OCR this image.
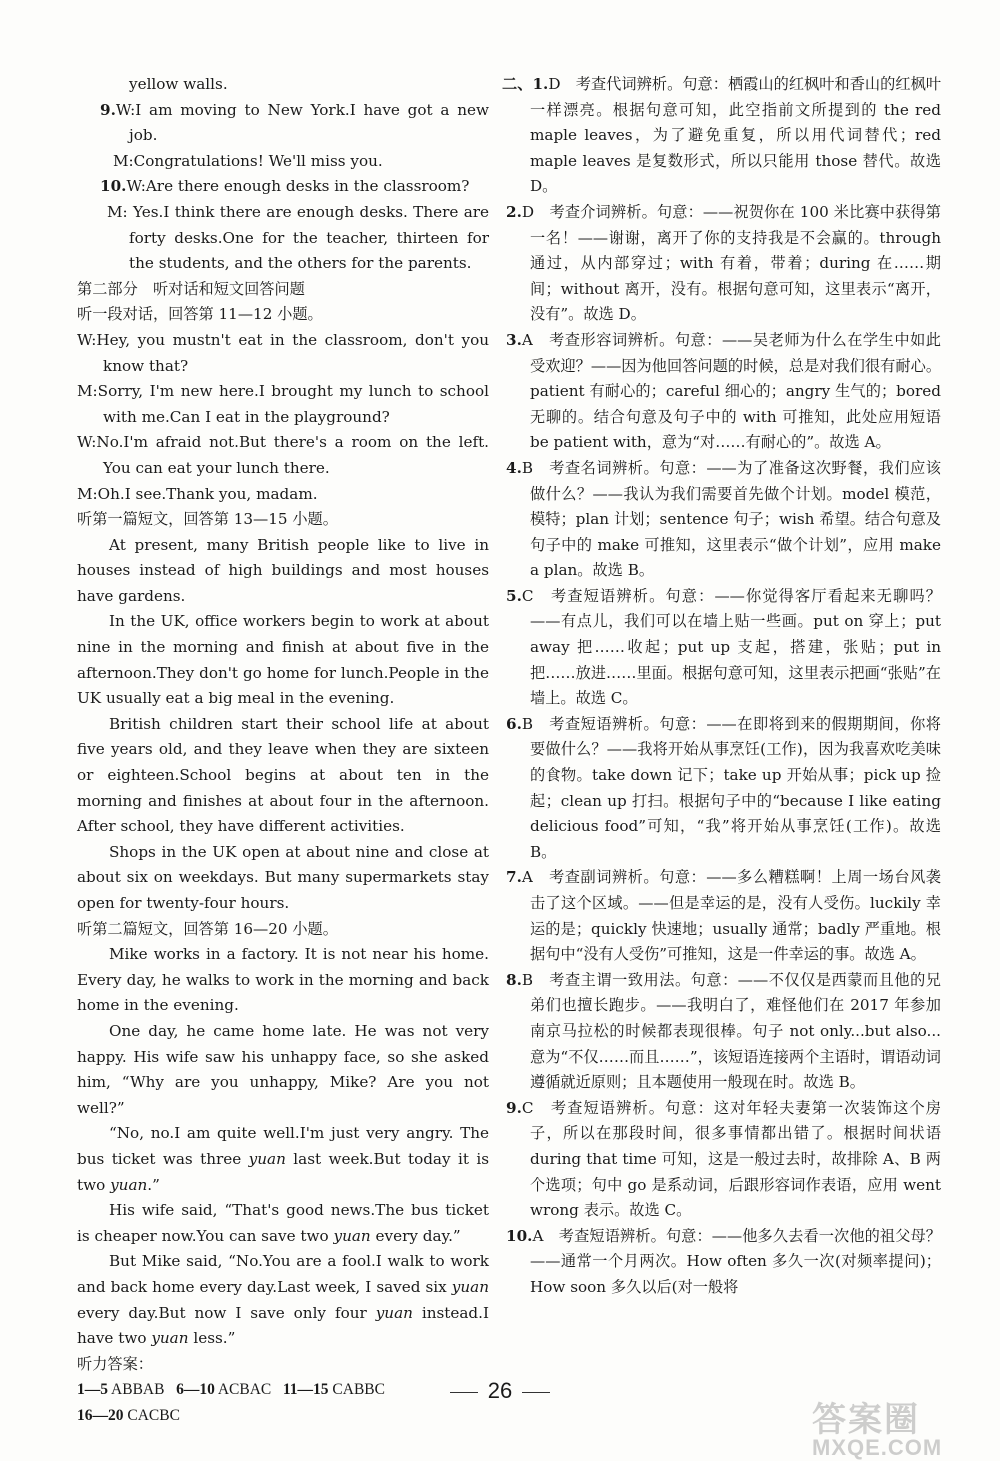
yellow walls.

9.W:I am moving to New York.I have got a new job.

M:Congratulations! We'll miss you.

10.W:Are there enough desks in the classroom?

M: Yes.I think there are enough desks. There are forty desks.One for the teacher, thirteen for the students, and the others for the parents.

第二部分　听对话和短文回答问题

听一段对话，回答第 11—12 小题。

W:Hey, you mustn't eat in the classroom, don't you know that?

M:Sorry, I'm new here.I brought my lunch to school with me.Can I eat in the playground?

W:No.I'm afraid not.But there's a room on the left. You can eat your lunch there.

M:Oh.I see.Thank you, madam.

听第一篇短文，回答第 13—15 小题。

At present, many British people like to live in houses instead of high buildings and most houses have gardens.

In the UK, office workers begin to work at about nine in the morning and finish at about five in the afternoon.They don't go home for lunch.People in the UK usually eat a big meal in the evening.

British children start their school life at about five years old, and they leave when they are sixteen or eighteen.School begins at about ten in the morning and finishes at about four in the afternoon. After school, they have different activities.

Shops in the UK open at about nine and close at about six on weekdays. But many supermarkets stay open for twenty-four hours.

听第二篇短文，回答第 16—20 小题。

Mike works in a factory. It is not near his home. Every day, he walks to work in the morning and back home in the evening.

One day, he came home late. He was not very happy. His wife saw his unhappy face, so she asked him, “Why are you unhappy, Mike? Are you not well?”

“No, no.I am quite well.I'm just very angry. The bus ticket was three yuan last week.But today it is two yuan.”

His wife said, “That's good news.The bus ticket is cheaper now.You can save two yuan every day.”

But Mike said, “No.You are a fool.I walk to work and back home every day.Last week, I saved six yuan every day.But now I save only four yuan instead.I have two yuan less.”

听力答案：

1—5 ABBAB 6—10 ACBAC 11—15 CABBC

16—20 CACBC

二、1.D　考查代词辨析。句意：栖霞山的红枫叶和香山的红枫叶一样漂亮。根据句意可知，此空指前文所提到的 the red maple leaves，为了避免重复，所以用代词替代；red maple leaves 是复数形式，所以只能用 those 替代。故选 D。

2.D　考查介词辨析。句意：——祝贺你在 100 米比赛中获得第一名！——谢谢，离开了你的支持我是不会赢的。through 通过，从内部穿过；with 有着，带着；during 在……期间；without 离开，没有。根据句意可知，这里表示“离开，没有”。故选 D。

3.A　考查形容词辨析。句意：——吴老师为什么在学生中如此受欢迎？——因为他回答问题的时候，总是对我们很有耐心。patient 有耐心的；careful 细心的；angry 生气的；bored 无聊的。结合句意及句子中的 with 可推知，此处应用短语 be patient with，意为“对……有耐心的”。故选 A。

4.B　考查名词辨析。句意：——为了准备这次野餐，我们应该做什么？——我认为我们需要首先做个计划。model 模范，模特；plan 计划；sentence 句子；wish 希望。结合句意及句子中的 make 可推知，这里表示“做个计划”，应用 make a plan。故选 B。

5.C　考查短语辨析。句意：——你觉得客厅看起来无聊吗？——有点儿，我们可以在墙上贴一些画。put on 穿上；put away 把……收起；put up 支起，搭建，张贴；put in 把……放进……里面。根据句意可知，这里表示把画“张贴”在墙上。故选 C。

6.B　考查短语辨析。句意：——在即将到来的假期期间，你将要做什么？——我将开始从事烹饪(工作)，因为我喜欢吃美味的食物。take down 记下；take up 开始从事；pick up 捡起；clean up 打扫。根据句子中的“because I like eating delicious food”可知，“我”将开始从事烹饪(工作)。故选 B。

7.A　考查副词辨析。句意：——多么糟糕啊！上周一场台风袭击了这个区域。——但是幸运的是，没有人受伤。luckily 幸运的是；quickly 快速地；usually 通常；badly 严重地。根据句中“没有人受伤”可推知，这是一件幸运的事。故选 A。

8.B　考查主谓一致用法。句意：——不仅仅是西蒙而且他的兄弟们也擅长跑步。——我明白了，难怪他们在 2017 年参加南京马拉松的时候都表现很棒。句子 not only...but also...意为“不仅……而且……”，该短语连接两个主语时，谓语动词遵循就近原则；且本题使用一般现在时。故选 B。

9.C　考查短语辨析。句意：这对年轻夫妻第一次装饰这个房子，所以在那段时间，很多事情都出错了。根据时间状语 during that time 可知，这是一般过去时，故排除 A、B 两个选项；句中 go 是系动词，后跟形容词作表语，应用 went wrong 表示。故选 C。

10.A　考查短语辨析。句意：——他多久去看一次他的祖父母？——通常一个月两次。How often 多久一次(对频率提问)；How soon 多久以后(对一般将

26
答案圈
MXQE.COM
